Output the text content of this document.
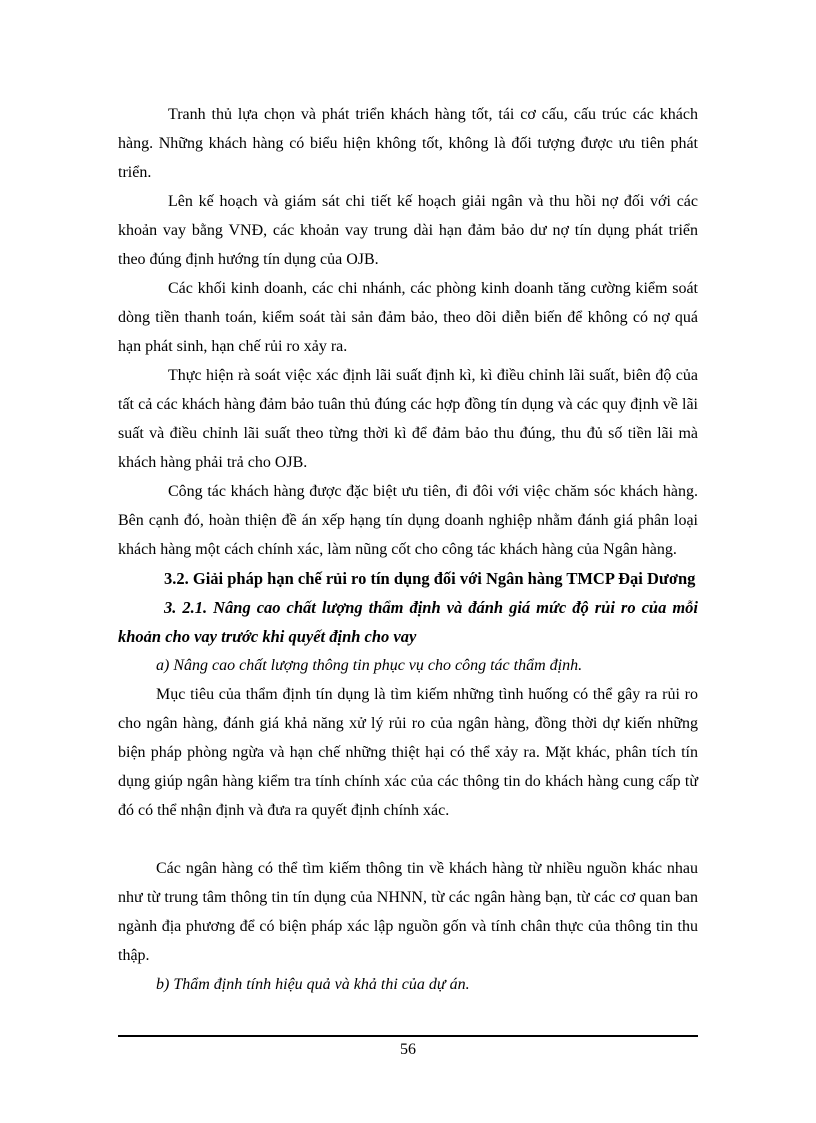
Tranh thủ lựa chọn và phát triển khách hàng tốt, tái cơ cấu, cấu trúc các khách hàng. Những khách hàng có biểu hiện không tốt, không là đối tượng được ưu tiên phát triển.

Lên kế hoạch và giám sát chi tiết kế hoạch giải ngân và thu hồi nợ đối với các khoản vay bằng VNĐ, các khoản vay trung dài hạn đảm bảo dư nợ tín dụng phát triển theo đúng định hướng tín dụng của OJB.

Các khối kinh doanh, các chi nhánh, các phòng kinh doanh tăng cường kiểm soát dòng tiền thanh toán, kiểm soát tài sản đảm bảo, theo dõi diễn biến để không có nợ quá hạn phát sinh, hạn chế rủi ro xảy ra.

Thực hiện rà soát việc xác định lãi suất định kì, kì điều chỉnh lãi suất, biên độ của tất cả các khách hàng đảm bảo tuân thủ đúng các hợp đồng tín dụng và các quy định về lãi suất và điều chỉnh lãi suất theo từng thời kì để đảm bảo thu đúng, thu đủ số tiền lãi mà khách hàng phải trả cho OJB.

Công tác khách hàng được đặc biệt ưu tiên, đi đôi với việc chăm sóc khách hàng. Bên cạnh đó, hoàn thiện đề án xếp hạng tín dụng doanh nghiệp nhằm đánh giá phân loại khách hàng một cách chính xác, làm nũng cốt cho công tác khách hàng của Ngân hàng.

3.2. Giải pháp hạn chế rủi ro tín dụng đối với Ngân hàng TMCP Đại Dương

3. 2.1. Nâng cao chất lượng thẩm định và đánh giá mức độ rủi ro của mỗi khoản cho vay trước khi quyết định cho vay

a) Nâng cao chất lượng thông tin phục vụ cho công tác thẩm định.

Mục tiêu của thẩm định tín dụng là tìm kiếm những tình huống có thể gây ra rủi ro cho ngân hàng, đánh giá khả năng xử lý rủi ro của ngân hàng, đồng thời dự kiến những biện pháp phòng ngừa và hạn chế những thiệt hại có thể xảy ra. Mặt khác, phân tích tín dụng giúp ngân hàng kiểm tra tính chính xác của các thông tin do khách hàng cung cấp từ đó có thể nhận định và đưa ra quyết định chính xác.

Các ngân hàng có thể tìm kiếm thông tin về khách hàng từ nhiều nguồn khác nhau như từ trung tâm thông tin tín dụng của NHNN, từ các ngân hàng bạn, từ các cơ quan ban ngành địa phương để có biện pháp xác lập nguồn gốn và tính chân thực của thông tin thu thập.

b) Thẩm định tính hiệu quả và khả thi của dự án.

56
